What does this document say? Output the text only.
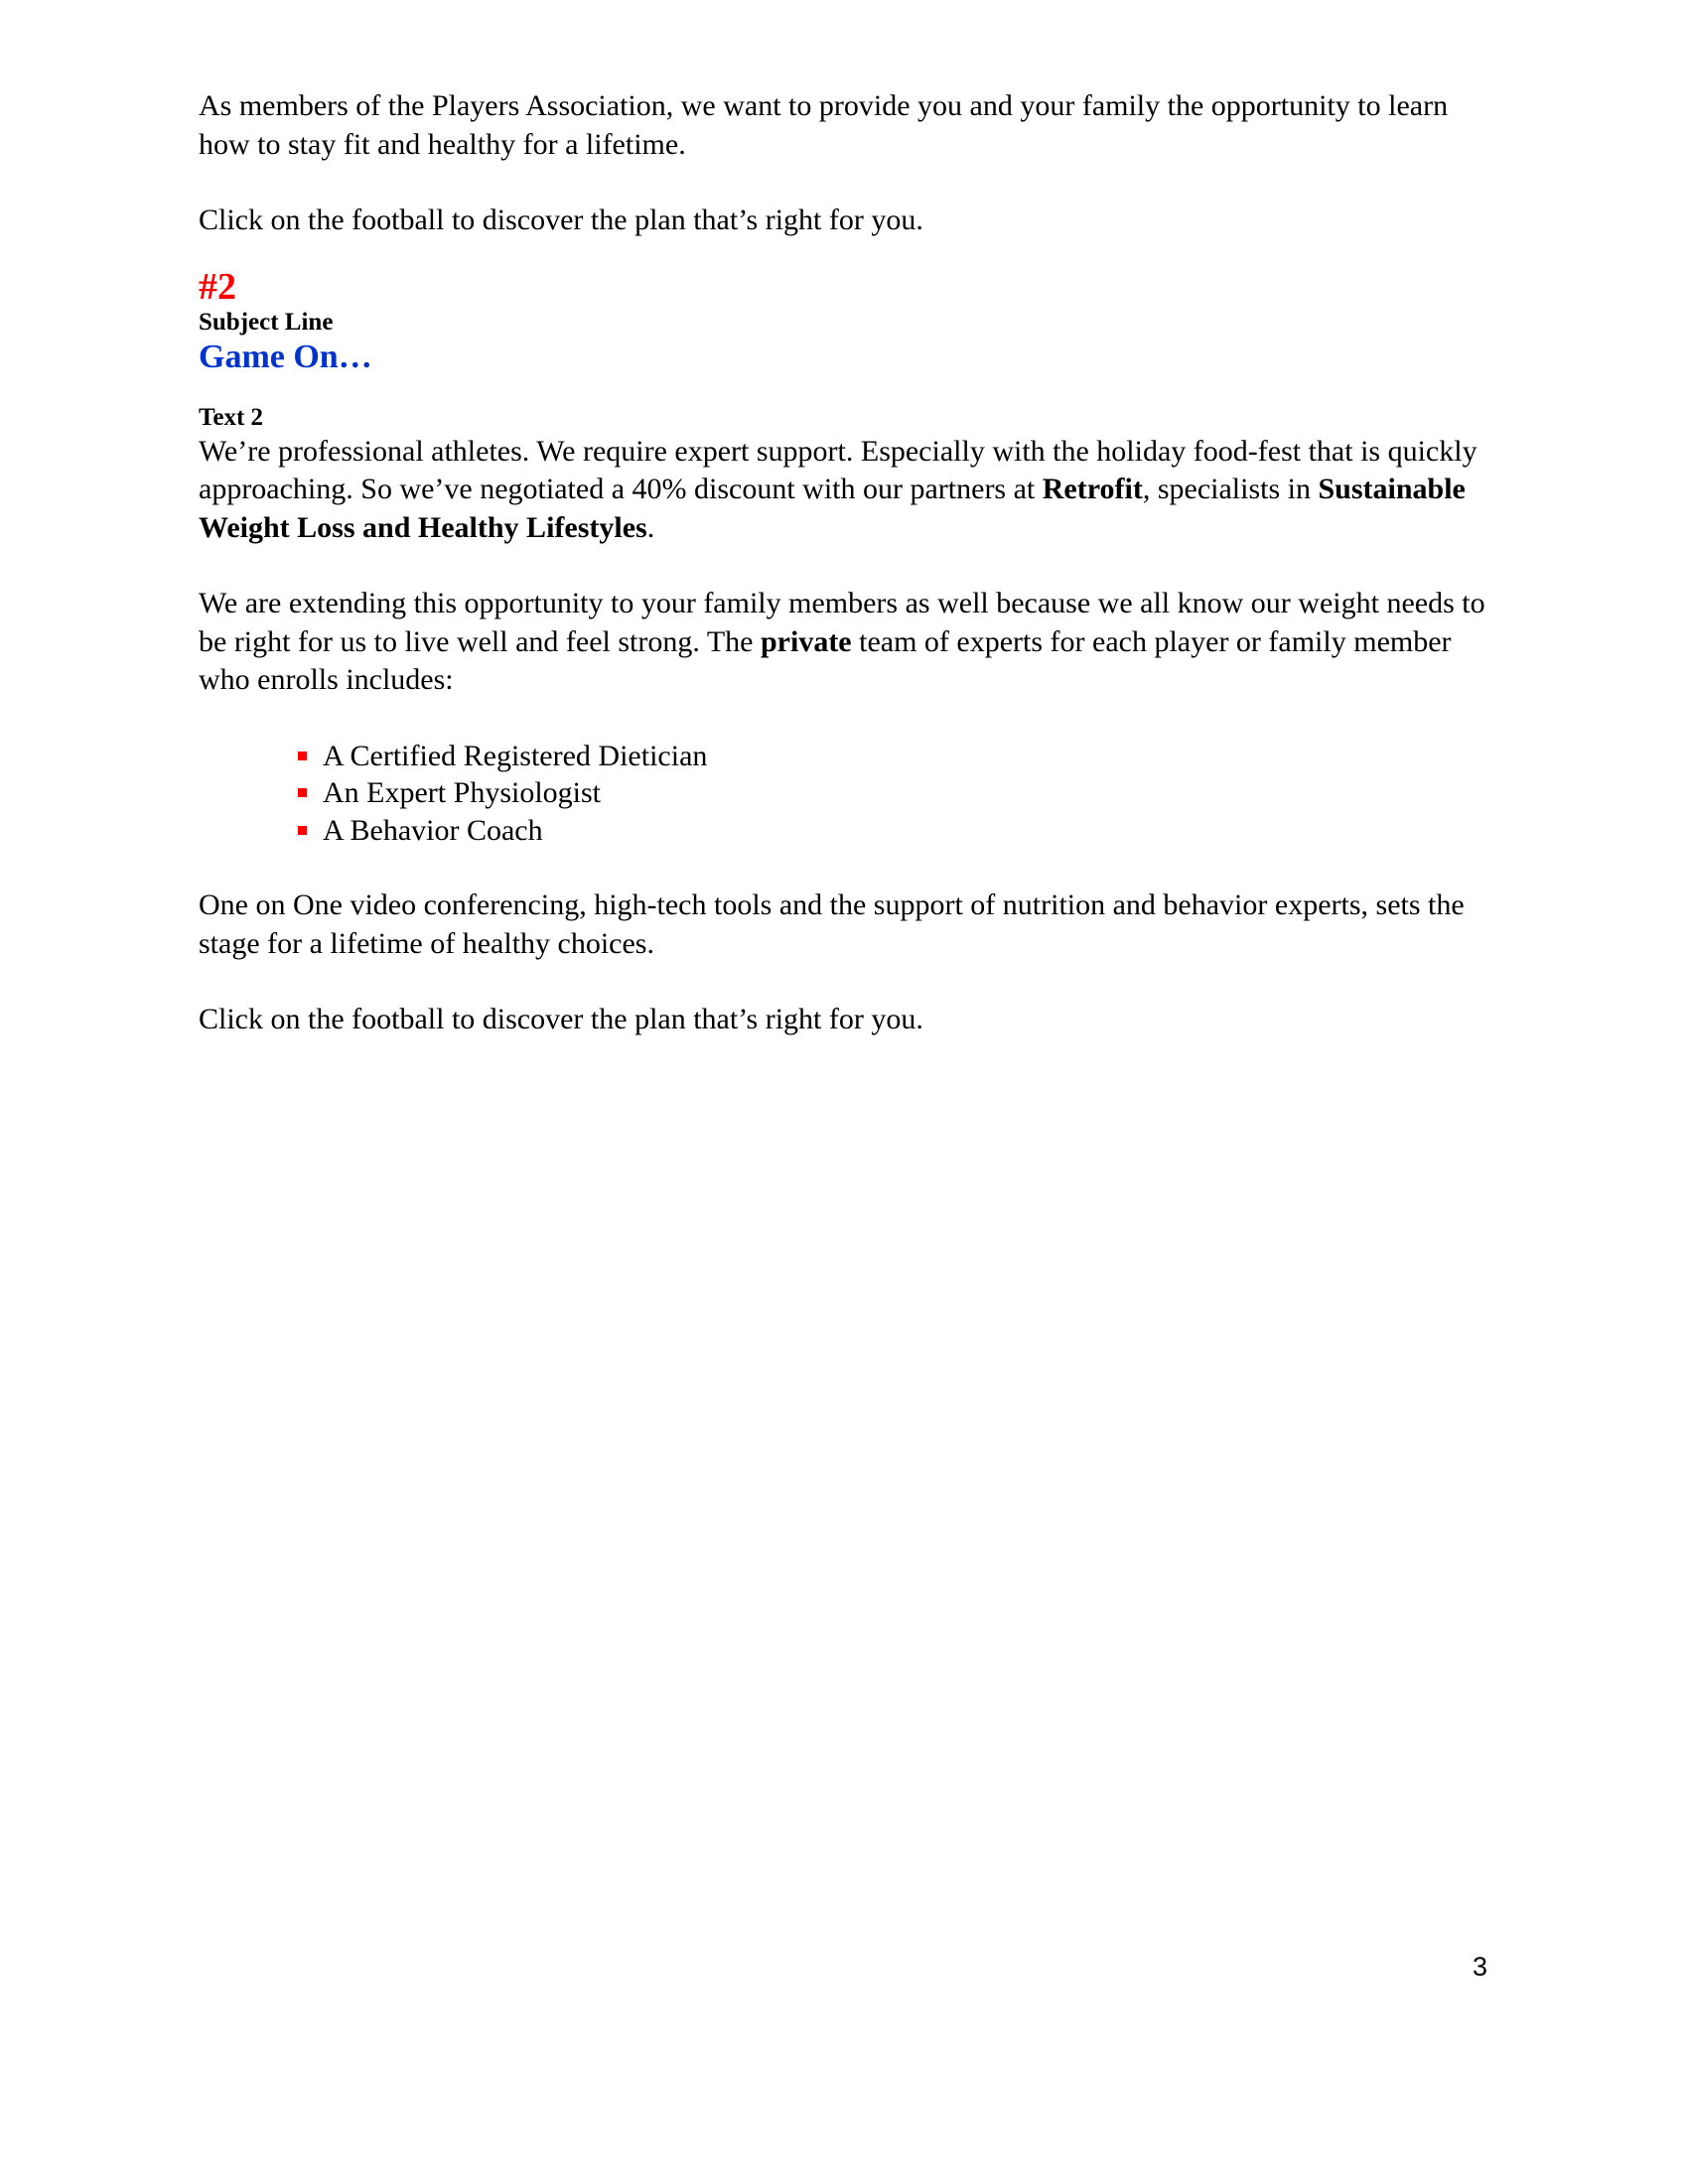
As members of the Players Association, we want to provide you and your family the opportunity to learn how to stay fit and healthy for a lifetime.

Click on the football to discover the plan that’s right for you.

#2

Subject Line

Game On…

Text 2

We’re professional athletes. We require expert support. Especially with the holiday food-fest that is quickly approaching. So we’ve negotiated a 40% discount with our partners at Retrofit, specialists in Sustainable Weight Loss and Healthy Lifestyles.

We are extending this opportunity to your family members as well because we all know our weight needs to be right for us to live well and feel strong. The private team of experts for each player or family member who enrolls includes:

A Certified Registered Dietician
An Expert Physiologist
A Behavior Coach

One on One video conferencing, high-tech tools and the support of nutrition and behavior experts, sets the stage for a lifetime of healthy choices.

Click on the football to discover the plan that’s right for you.

3
